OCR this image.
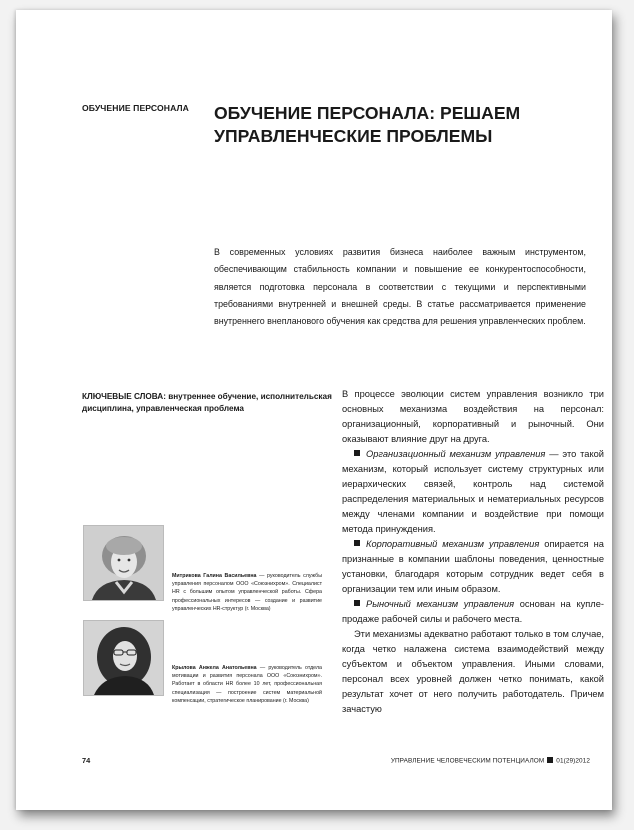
ОБУЧЕНИЕ ПЕРСОНАЛА ОБУЧЕНИЕ ПЕРСОНАЛА: РЕШАЕМ УПРАВЛЕНЧЕСКИЕ ПРОБЛЕМЫ
В современных условиях развития бизнеса наиболее важным инструментом, обеспечивающим стабильность компании и повышение ее конкурентоспособности, является подготовка персонала в соответствии с текущими и перспективными требованиями внутренней и внешней среды. В статье рассматривается применение внутреннего внепланового обучения как средства для решения управленческих проблем.
КЛЮЧЕВЫЕ СЛОВА: внутреннее обучение, исполнительская дисциплина, управленческая проблема
Митрикова Галина Васильевна — руководитель службы управления персоналом ООО «Союзнихром». Специалист HR с большим опытом управленческой работы. Сфера профессиональных интересов — создание и развитие управленческих HR-структур (г. Москва)
Крылова Анжела Анатольевна — руководитель отдела мотивации и развития персонала ООО «Союзнихром». Работает в области HR более 10 лет, профессиональная специализация — построение систем материальной компенсации, стратегическое планирование (г. Москва)

В процессе эволюции систем управления возникло три основных механизма воздействия на персонал: организационный, корпоративный и рыночный. Они оказывают влияние друг на друга.

Организационный механизм управления — это такой механизм, который использует систему структурных или иерархических связей, контроль над системой распределения материальных и нематериальных ресурсов между членами компании и воздействие при помощи метода принуждения.

Корпоративный механизм управления опирается на признанные в компании шаблоны поведения, ценностные установки, благодаря которым сотрудник ведет себя в организации тем или иным образом.

Рыночный механизм управления основан на купле-продаже рабочей силы и рабочего места.

Эти механизмы адекватно работают только в том случае, когда четко налажена система взаимодействий между субъектом и объектом управления. Иными словами, персонал всех уровней должен четко понимать, какой результат хочет от него получить работодатель. Причем зачастую

74	УПРАВЛЕНИЕ ЧЕЛОВЕЧЕСКИМ ПОТЕНЦИАЛОМ 01(29)2012
